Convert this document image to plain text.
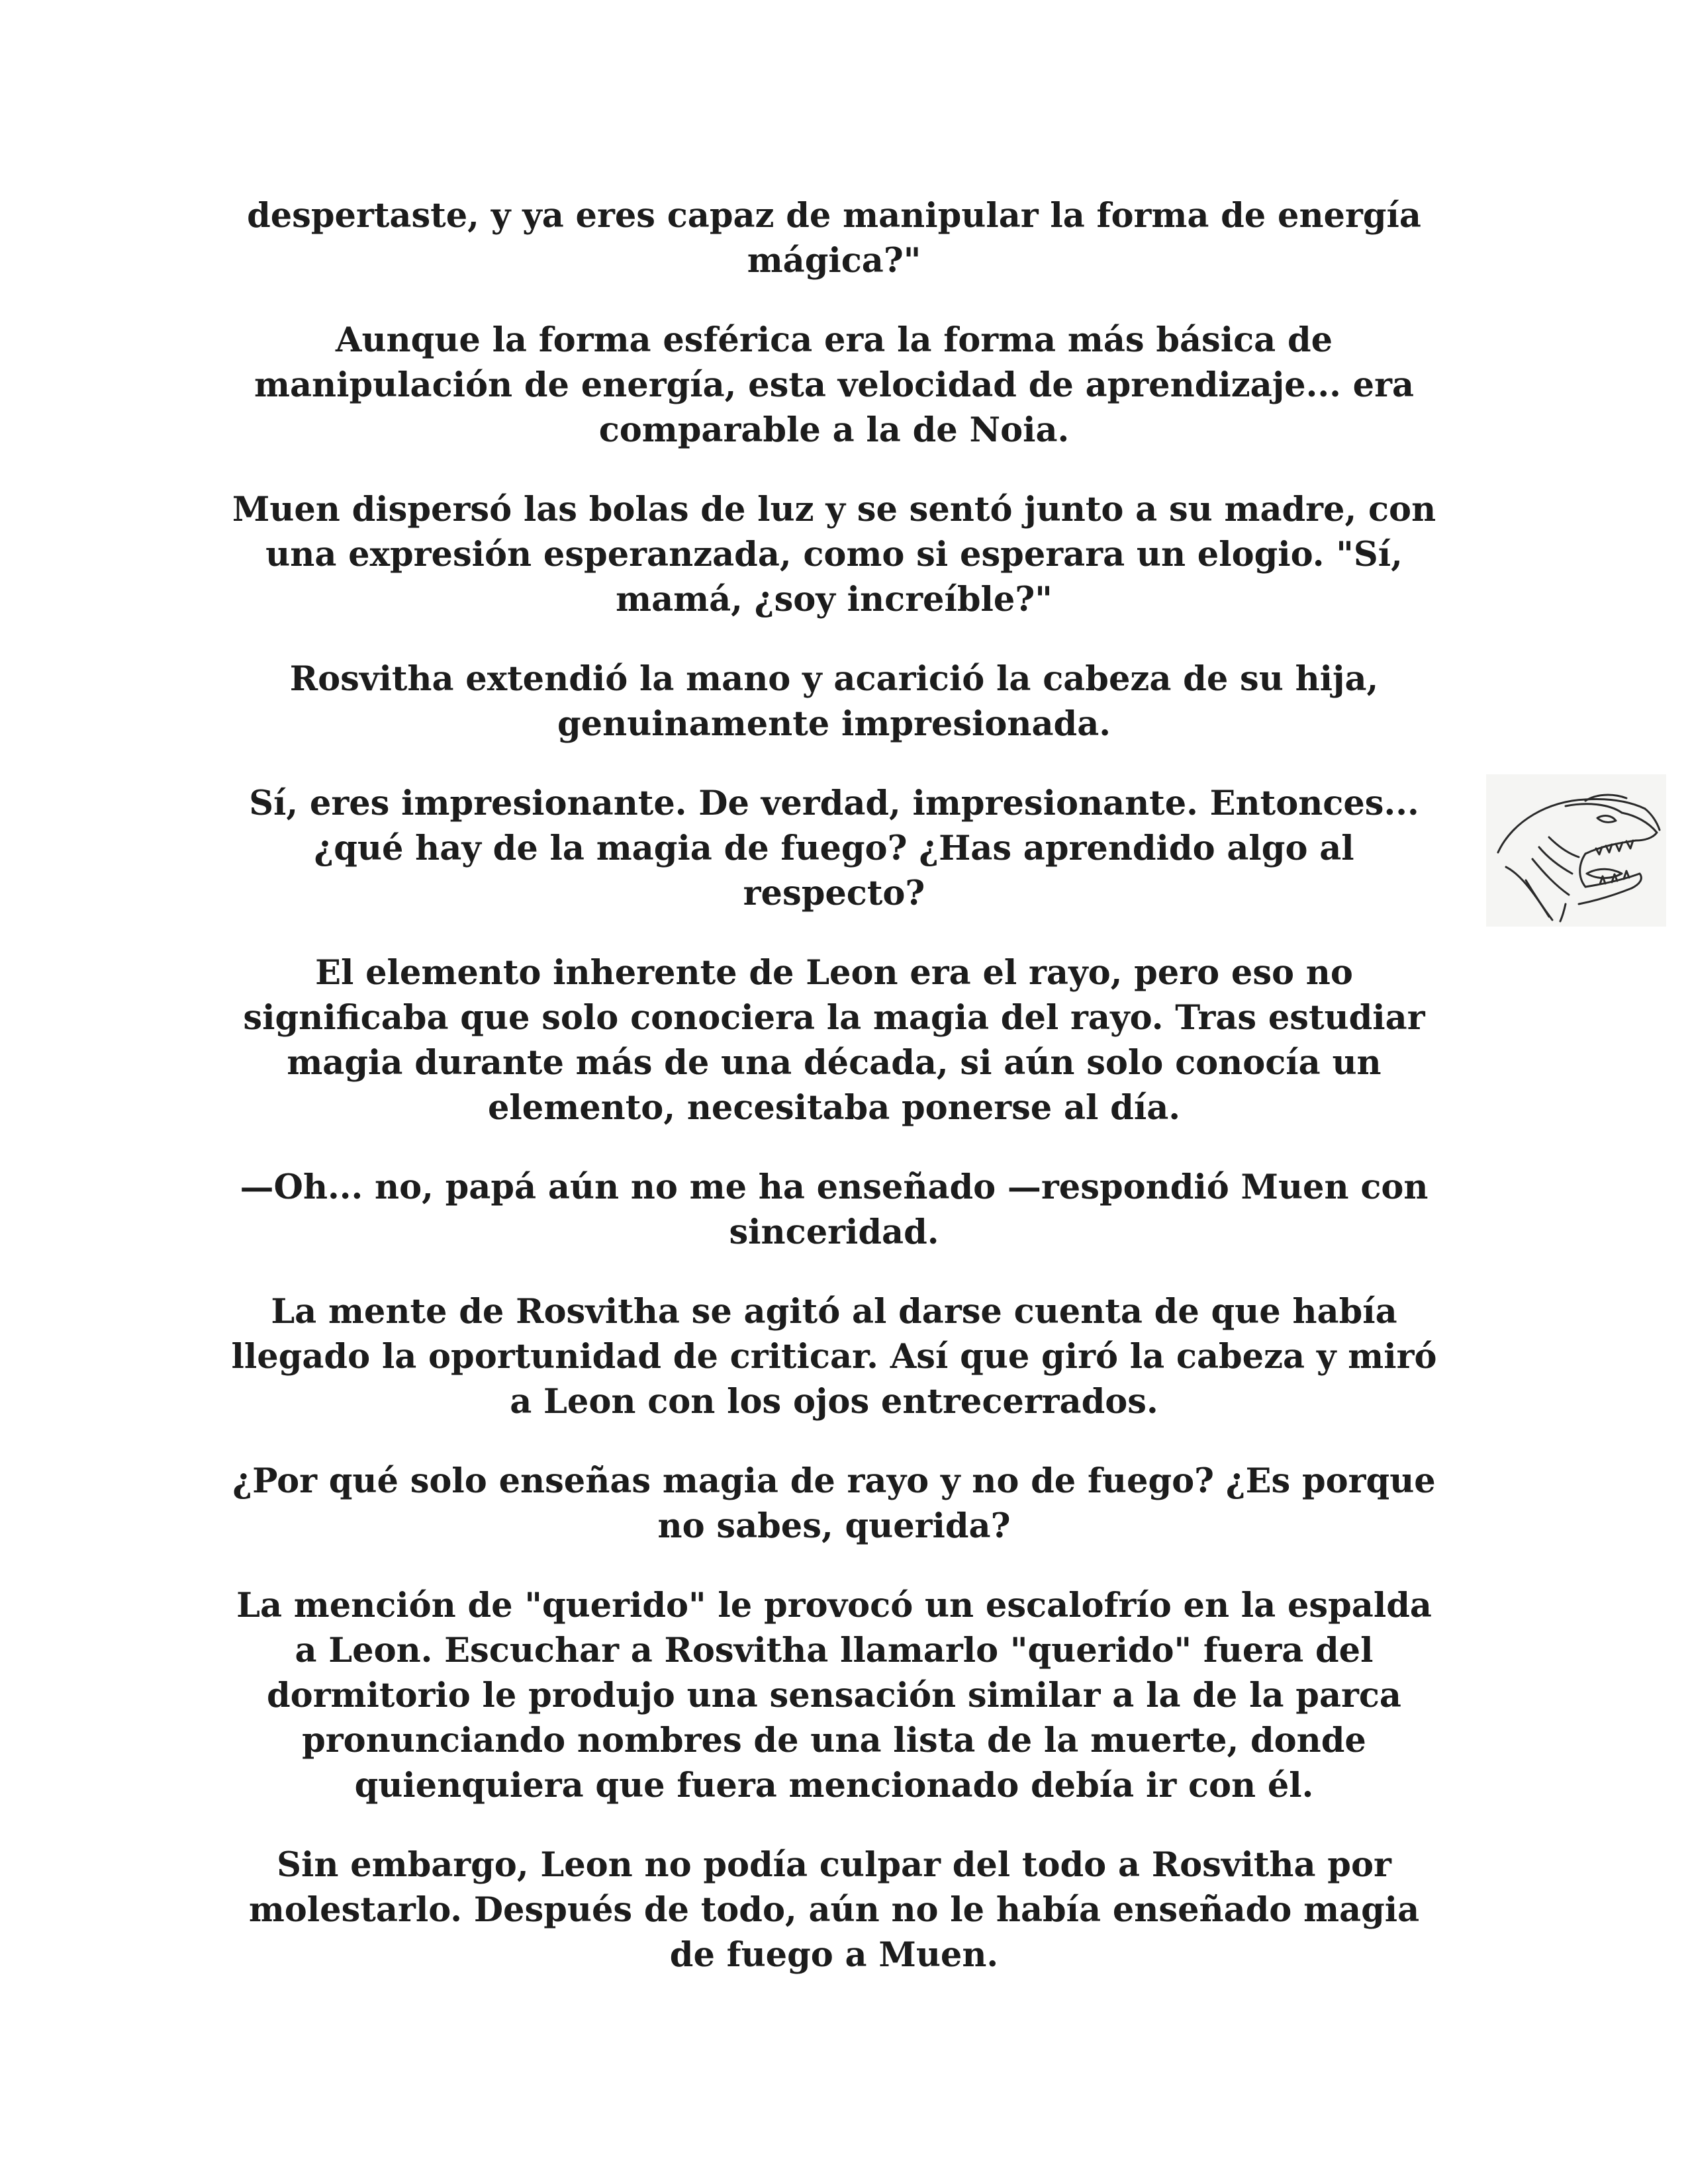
despertaste, y ya eres capaz de manipular la forma de energía mágica?"

Aunque la forma esférica era la forma más básica de manipulación de energía, esta velocidad de aprendizaje... era comparable a la de Noia.

Muen dispersó las bolas de luz y se sentó junto a su madre, con una expresión esperanzada, como si esperara un elogio. "Sí, mamá, ¿soy increíble?"

Rosvitha extendió la mano y acarició la cabeza de su hija, genuinamente impresionada.

Sí, eres impresionante. De verdad, impresionante. Entonces... ¿qué hay de la magia de fuego? ¿Has aprendido algo al respecto?

El elemento inherente de Leon era el rayo, pero eso no significaba que solo conociera la magia del rayo. Tras estudiar magia durante más de una década, si aún solo conocía un elemento, necesitaba ponerse al día.

—Oh... no, papá aún no me ha enseñado —respondió Muen con sinceridad.

La mente de Rosvitha se agitó al darse cuenta de que había llegado la oportunidad de criticar. Así que giró la cabeza y miró a Leon con los ojos entrecerrados.

¿Por qué solo enseñas magia de rayo y no de fuego? ¿Es porque no sabes, querida?

La mención de "querido" le provocó un escalofrío en la espalda a Leon. Escuchar a Rosvitha llamarlo "querido" fuera del dormitorio le produjo una sensación similar a la de la parca pronunciando nombres de una lista de la muerte, donde quienquiera que fuera mencionado debía ir con él.

Sin embargo, Leon no podía culpar del todo a Rosvitha por molestarlo. Después de todo, aún no le había enseñado magia de fuego a Muen.
